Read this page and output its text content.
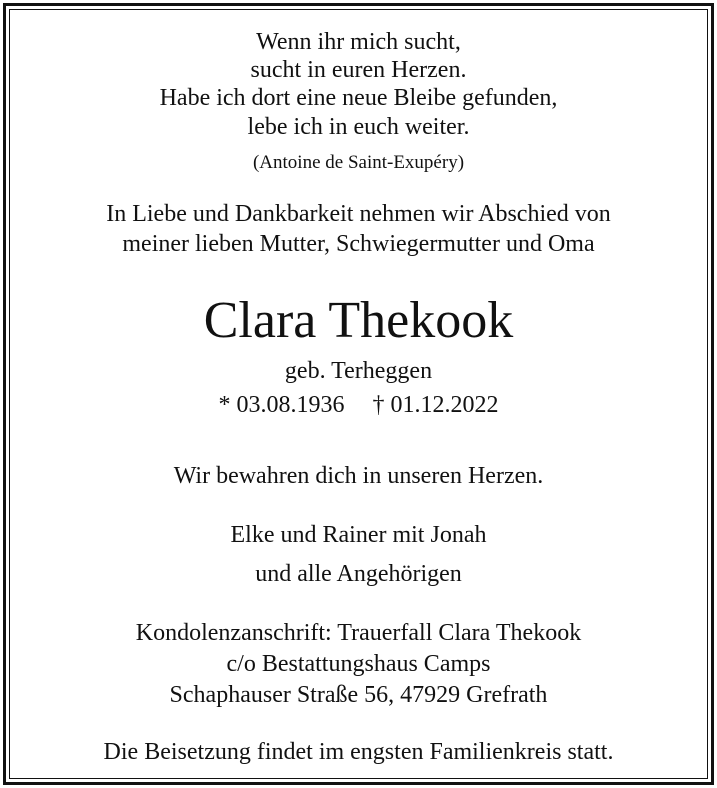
Wenn ihr mich sucht,
sucht in euren Herzen.
Habe ich dort eine neue Bleibe gefunden,
lebe ich in euch weiter.
(Antoine de Saint-Exupéry)
In Liebe und Dankbarkeit nehmen wir Abschied von
meiner lieben Mutter, Schwiegermutter und Oma
Clara Thekook
geb. Terheggen
* 03.08.1936 † 01.12.2022
Wir bewahren dich in unseren Herzen.
Elke und Rainer mit Jonah
und alle Angehörigen
Kondolenzanschrift: Trauerfall Clara Thekook
c/o Bestattungshaus Camps
Schaphauser Straße 56, 47929 Grefrath
Die Beisetzung findet im engsten Familienkreis statt.
